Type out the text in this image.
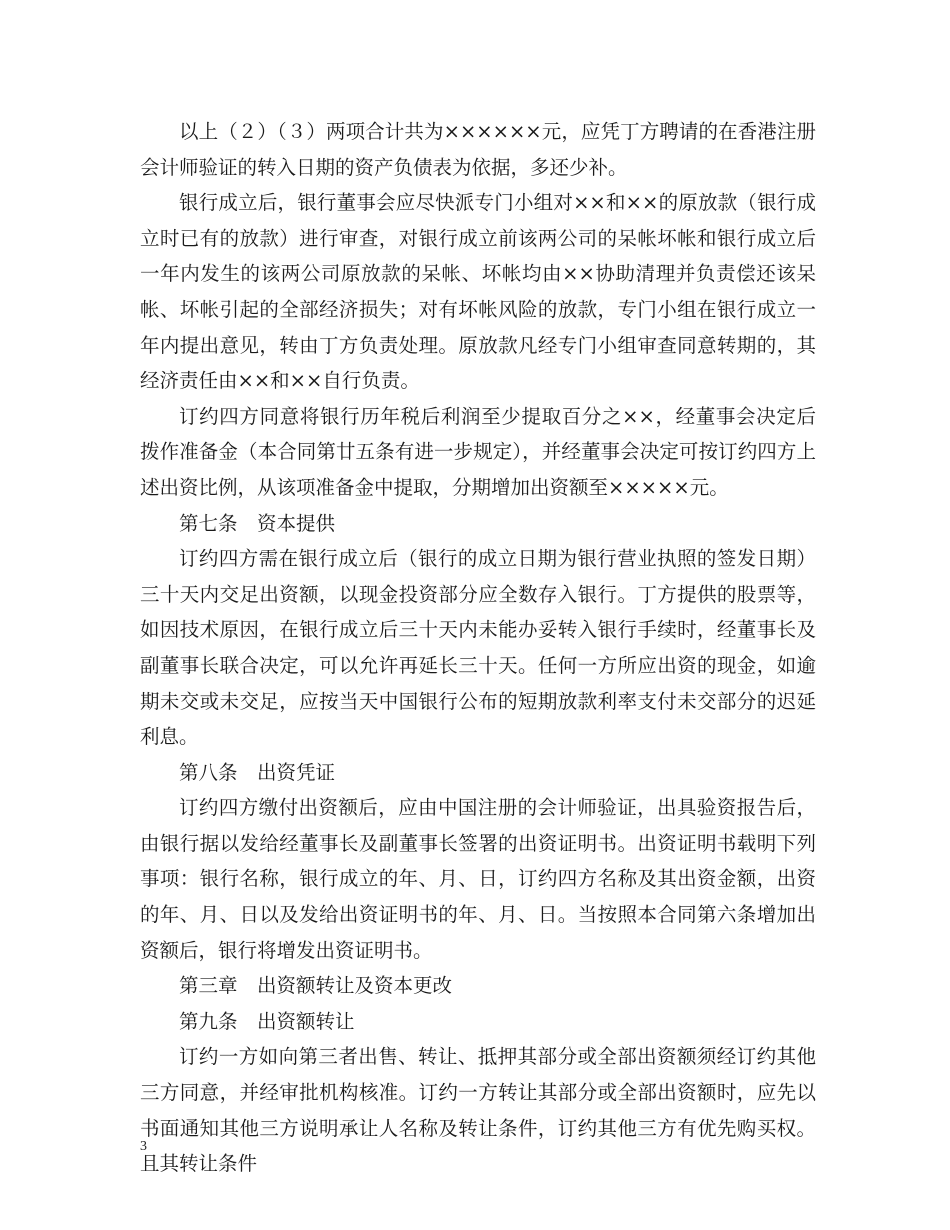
以上（２）（３）两项合计共为××××××元，应凭丁方聘请的在香港注册会计师验证的转入日期的资产负债表为依据，多还少补。

银行成立后，银行董事会应尽快派专门小组对××和××的原放款（银行成立时已有的放款）进行审查，对银行成立前该两公司的呆帐坏帐和银行成立后一年内发生的该两公司原放款的呆帐、坏帐均由××协助清理并负责偿还该呆帐、坏帐引起的全部经济损失；对有坏帐风险的放款，专门小组在银行成立一年内提出意见，转由丁方负责处理。原放款凡经专门小组审查同意转期的，其经济责任由××和××自行负责。

订约四方同意将银行历年税后利润至少提取百分之××，经董事会决定后拨作准备金（本合同第廿五条有进一步规定），并经董事会决定可按订约四方上述出资比例，从该项准备金中提取，分期增加出资额至×××××元。

第七条　资本提供

订约四方需在银行成立后（银行的成立日期为银行营业执照的签发日期）三十天内交足出资额，以现金投资部分应全数存入银行。丁方提供的股票等，如因技术原因，在银行成立后三十天内未能办妥转入银行手续时，经董事长及副董事长联合决定，可以允许再延长三十天。任何一方所应出资的现金，如逾期未交或未交足，应按当天中国银行公布的短期放款利率支付未交部分的迟延利息。

第八条　出资凭证

订约四方缴付出资额后，应由中国注册的会计师验证，出具验资报告后，由银行据以发给经董事长及副董事长签署的出资证明书。出资证明书载明下列事项：银行名称，银行成立的年、月、日，订约四方名称及其出资金额，出资的年、月、日以及发给出资证明书的年、月、日。当按照本合同第六条增加出资额后，银行将增发出资证明书。

第三章　出资额转让及资本更改

第九条　出资额转让

订约一方如向第三者出售、转让、抵押其部分或全部出资额须经订约其他三方同意，并经审批机构核准。订约一方转让其部分或全部出资额时，应先以书面通知其他三方说明承让人名称及转让条件，订约其他三方有优先购买权。且其转让条件

3
